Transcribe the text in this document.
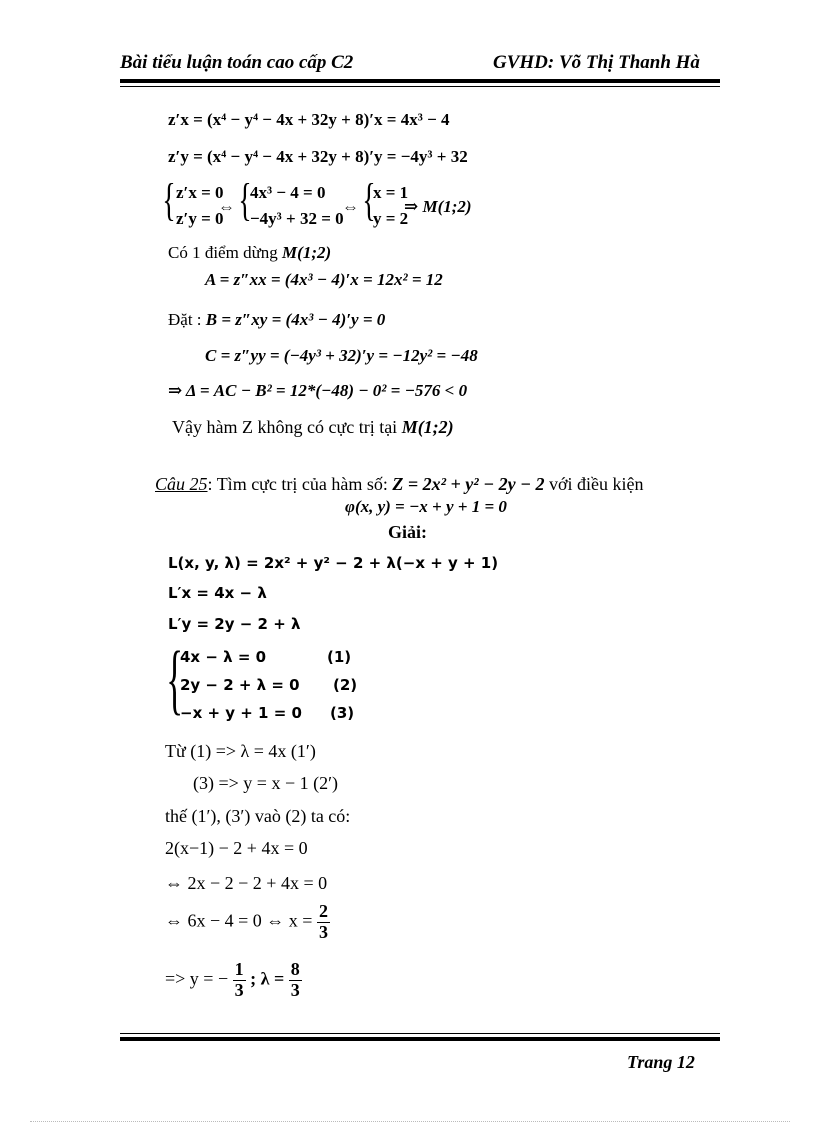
Bài tiểu luận toán cao cấp C2	GVHD: Võ Thị Thanh Hà
z′x = (x⁴ − y⁴ − 4x + 32y + 8)′x = 4x³ − 4
z′y = (x⁴ − y⁴ − 4x + 32y + 8)′y = −4y³ + 32
{ z′x = 0
z′y = 0
⇔ {
4x³ − 4 = 0
−4y³ + 32 = 0
⇔ {
x = 1
y = 2
⇒ M(1;2)
Có 1 điểm dừng M(1;2)
A = z″xx = (4x³ − 4)′x = 12x² = 12
Đặt : B = z″xy = (4x³ − 4)′y = 0
C = z″yy = (−4y³ + 32)′y = −12y² = −48
⇒ Δ = AC − B² = 12*(−48) − 0² = −576 < 0
Vậy hàm Z không có cực trị tại M(1;2)
Câu 25: Tìm cực trị của hàm số: Z = 2x² + y² − 2y − 2 với điều kiện
φ(x, y) = −x + y + 1 = 0
Giải:
L(x, y, λ) = 2x² + y² − 2 + λ(−x + y + 1)
L′x = 4x − λ
L′y = 2y − 2 + λ
{
4x − λ = 0	(1)
2y − 2 + λ = 0 (2)
−x + y + 1 = 0 (3)
Từ (1) => λ = 4x (1′)
(3) => y = x − 1 (2′)
thế (1′), (3′) vaò (2) ta có:
2(x−1) − 2 + 4x = 0
⇔ 2x − 2 − 2 + 4x = 0
⇔ 6x − 4 = 0 ⇔ $x = \frac{2}{3}$
=> y = − $\frac{1}{3}$ ; $\lambda = \frac{8}{3}$
Trang 12
